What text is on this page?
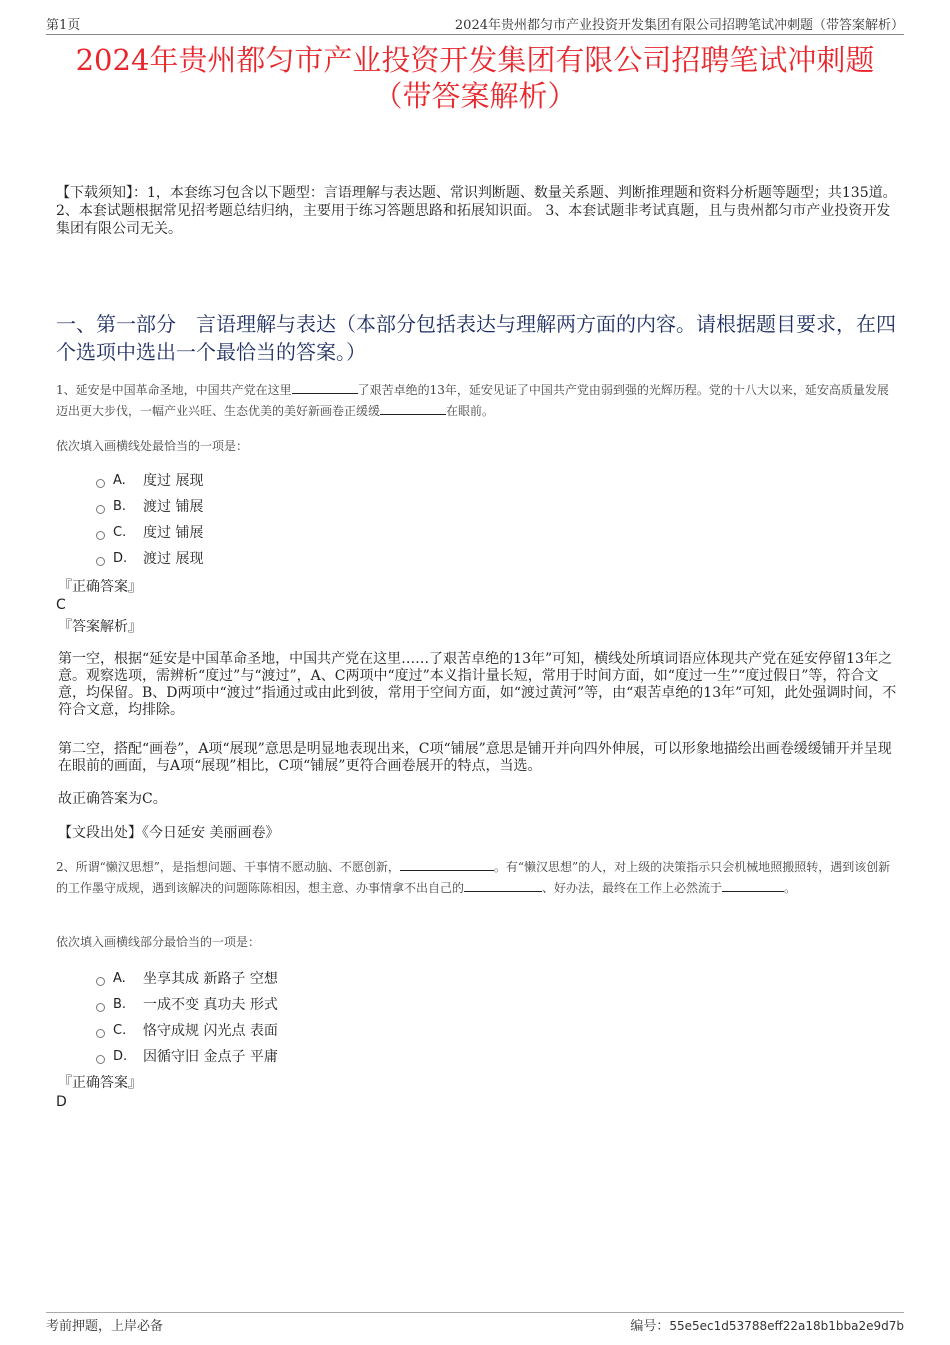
第1页	2024年贵州都匀市产业投资开发集团有限公司招聘笔试冲刺题（带答案解析）
2024年贵州都匀市产业投资开发集团有限公司招聘笔试冲刺题
（带答案解析）
【下载须知】：1，本套练习包含以下题型：言语理解与表达题、常识判断题、数量关系题、判断推理题和资料分析题等题型；共135道。 2、本套试题根据常见招考题总结归纳，主要用于练习答题思路和拓展知识面。 3、本套试题非考试真题，且与贵州都匀市产业投资开发集团有限公司无关。
一、第一部分　言语理解与表达（本部分包括表达与理解两方面的内容。请根据题目要求，在四个选项中选出一个最恰当的答案。）
1、延安是中国革命圣地，中国共产党在这里	了艰苦卓绝的13年，延安见证了中国共产党由弱到强的光辉历程。党的十八大以来，延安高质量发展迈出更大步伐，一幅产业兴旺、生态优美的美好新画卷正缓缓	在眼前。
依次填入画横线处最恰当的一项是：
A.	度过 展现
B.	渡过 铺展
C.	度过 铺展
D.	渡过 展现
『正确答案』
C
『答案解析』
第一空，根据“延安是中国革命圣地，中国共产党在这里……了艰苦卓绝的13年”可知，横线处所填词语应体现共产党在延安停留13年之意。观察选项，需辨析“度过”与“渡过”，A、C两项中“度过”本义指计量长短，常用于时间方面，如“度过一生”“度过假日”等，符合文意，均保留。B、D两项中“渡过”指通过或由此到彼，常用于空间方面，如“渡过黄河”等，由“艰苦卓绝的13年”可知，此处强调时间，不符合文意，均排除。
第二空，搭配“画卷”，A项“展现”意思是明显地表现出来，C项“铺展”意思是铺开并向四外伸展，可以形象地描绘出画卷缓缓铺开并呈现在眼前的画面，与A项“展现”相比，C项“铺展”更符合画卷展开的特点，当选。
故正确答案为C。
【文段出处】《今日延安 美丽画卷》
2、所谓“懒汉思想”，是指想问题、干事情不愿动脑、不愿创新，	。有“懒汉思想”的人，对上级的决策指示只会机械地照搬照转，遇到该创新的工作墨守成规，遇到该解决的问题陈陈相因，想主意、办事情拿不出自己的	、好办法，最终在工作上必然流于	。
依次填入画横线部分最恰当的一项是：
A.	坐享其成 新路子 空想
B.	一成不变 真功夫 形式
C.	恪守成规 闪光点 表面
D.	因循守旧 金点子 平庸
『正确答案』
D
考前押题，上岸必备	编号：55e5ec1d53788eff22a18b1bba2e9d7b
